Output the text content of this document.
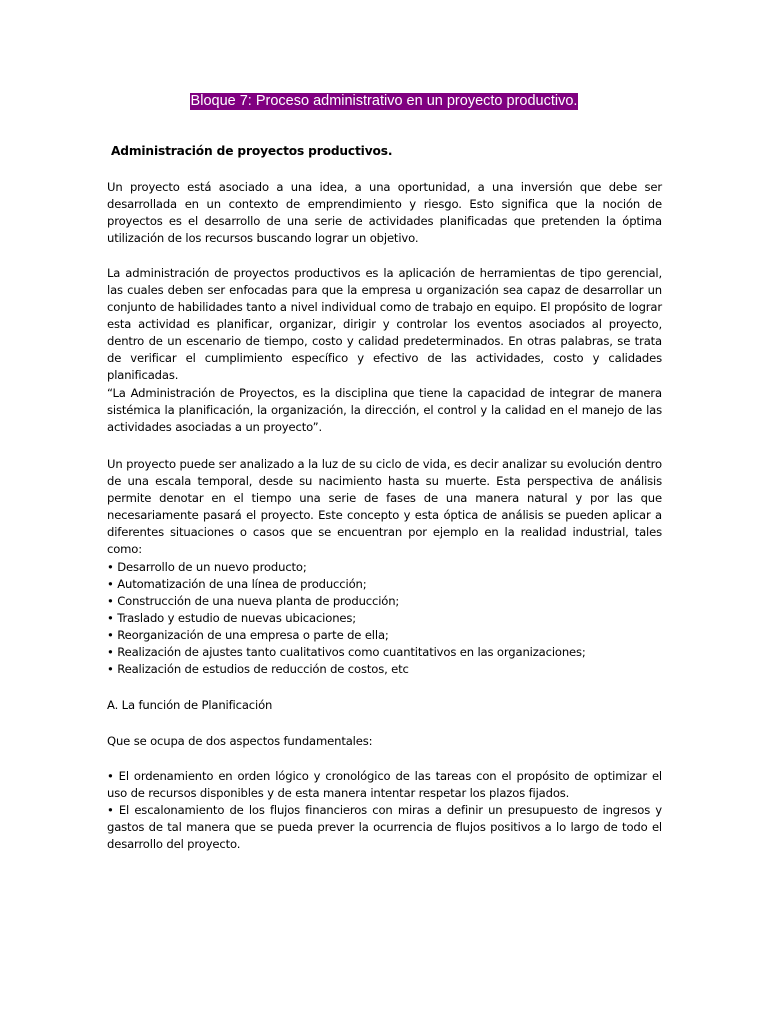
Bloque 7: Proceso administrativo en un proyecto productivo.
Administración de proyectos productivos.

Un proyecto está asociado a una idea, a una oportunidad, a una inversión que debe ser desarrollada en un contexto de emprendimiento y riesgo. Esto significa que la noción de proyectos es el desarrollo de una serie de actividades planificadas que pretenden la óptima utilización de los recursos buscando lograr un objetivo.

La administración de proyectos productivos es la aplicación de herramientas de tipo gerencial, las cuales deben ser enfocadas para que la empresa u organización sea capaz de desarrollar un conjunto de habilidades tanto a nivel individual como de trabajo en equipo. El propósito de lograr esta actividad es planificar, organizar, dirigir y controlar los eventos asociados al proyecto, dentro de un escenario de tiempo, costo y calidad predeterminados. En otras palabras, se trata de verificar el cumplimiento específico y efectivo de las actividades, costo y calidades planificadas.

“La Administración de Proyectos, es la disciplina que tiene la capacidad de integrar de manera sistémica la planificación, la organización, la dirección, el control y la calidad en el manejo de las actividades asociadas a un proyecto”.

Un proyecto puede ser analizado a la luz de su ciclo de vida, es decir analizar su evolución dentro de una escala temporal, desde su nacimiento hasta su muerte. Esta perspectiva de análisis permite denotar en el tiempo una serie de fases de una manera natural y por las que necesariamente pasará el proyecto. Este concepto y esta óptica de análisis se pueden aplicar a diferentes situaciones o casos que se encuentran por ejemplo en la realidad industrial, tales como:

• Desarrollo de un nuevo producto;
• Automatización de una línea de producción;
• Construcción de una nueva planta de producción;
• Traslado y estudio de nuevas ubicaciones;
• Reorganización de una empresa o parte de ella;
• Realización de ajustes tanto cualitativos como cuantitativos en las organizaciones;
• Realización de estudios de reducción de costos, etc
A. La función de Planificación

Que se ocupa de dos aspectos fundamentales:

• El ordenamiento en orden lógico y cronológico de las tareas con el propósito de optimizar el uso de recursos disponibles y de esta manera intentar respetar los plazos fijados.
• El escalonamiento de los flujos financieros con miras a definir un presupuesto de ingresos y gastos de tal manera que se pueda prever la ocurrencia de flujos positivos a lo largo de todo el desarrollo del proyecto.
